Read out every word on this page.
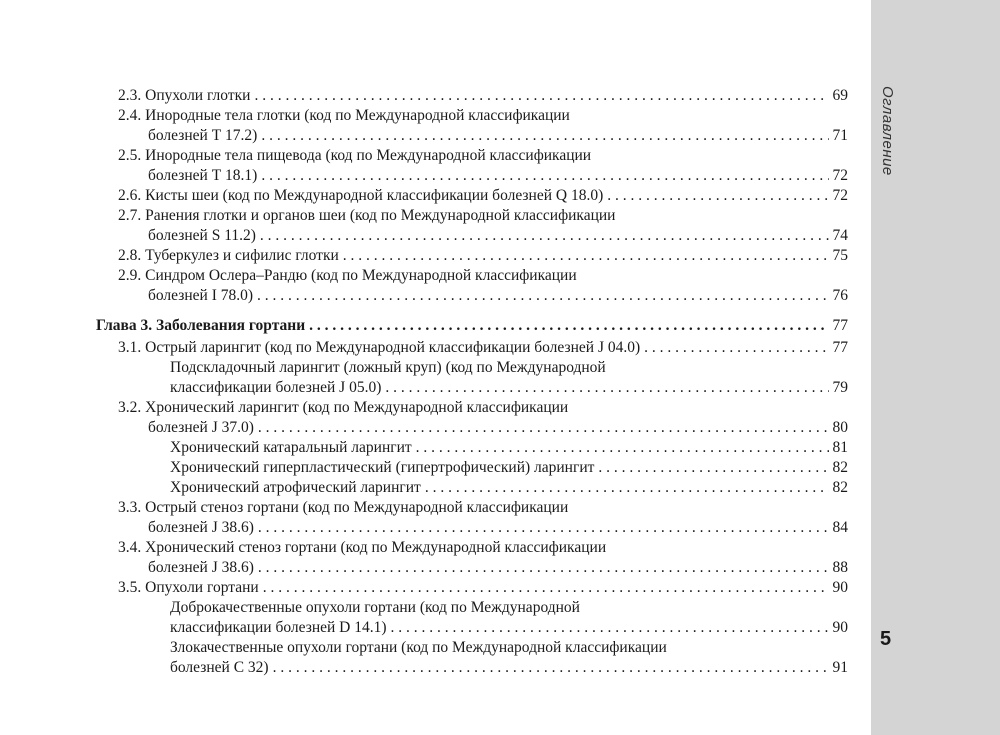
2.3. Опухоли глотки . . .	69
2.4. Инородные тела глотки (код по Международной классификации
болезней Т 17.2) . . .	71
2.5. Инородные тела пищевода (код по Международной классификации
болезней Т 18.1) . . .	72
2.6. Кисты шеи (код по Международной классификации болезней Q 18.0) . . .	72
2.7. Ранения глотки и органов шеи (код по Международной классификации
болезней S 11.2) . . .	74
2.8. Туберкулез и сифилис глотки . . .	75
2.9. Синдром Ослера–Рандю (код по Международной классификации
болезней I 78.0) . . .	76
Глава 3. Заболевания гортани . . .	77
3.1. Острый ларингит (код по Международной классификации болезней J 04.0) . . .	77
Подскладочный ларингит (ложный круп) (код по Международной
классификации болезней J 05.0) . . .	79
3.2. Хронический ларингит (код по Международной классификации
болезней J 37.0) . . .	80
Хронический катаральный ларингит . . .	81
Хронический гиперпластический (гипертрофический) ларингит . . .	82
Хронический атрофический ларингит . . .	82
3.3. Острый стеноз гортани (код по Международной классификации
болезней J 38.6) . . .	84
3.4. Хронический стеноз гортани (код по Международной классификации
болезней J 38.6) . . .	88
3.5. Опухоли гортани . . .	90
Доброкачественные опухоли гортани (код по Международной
классификации болезней D 14.1) . . .	90
Злокачественные опухоли гортани (код по Международной классификации
болезней С 32) . . .	91
Оглавление
5
